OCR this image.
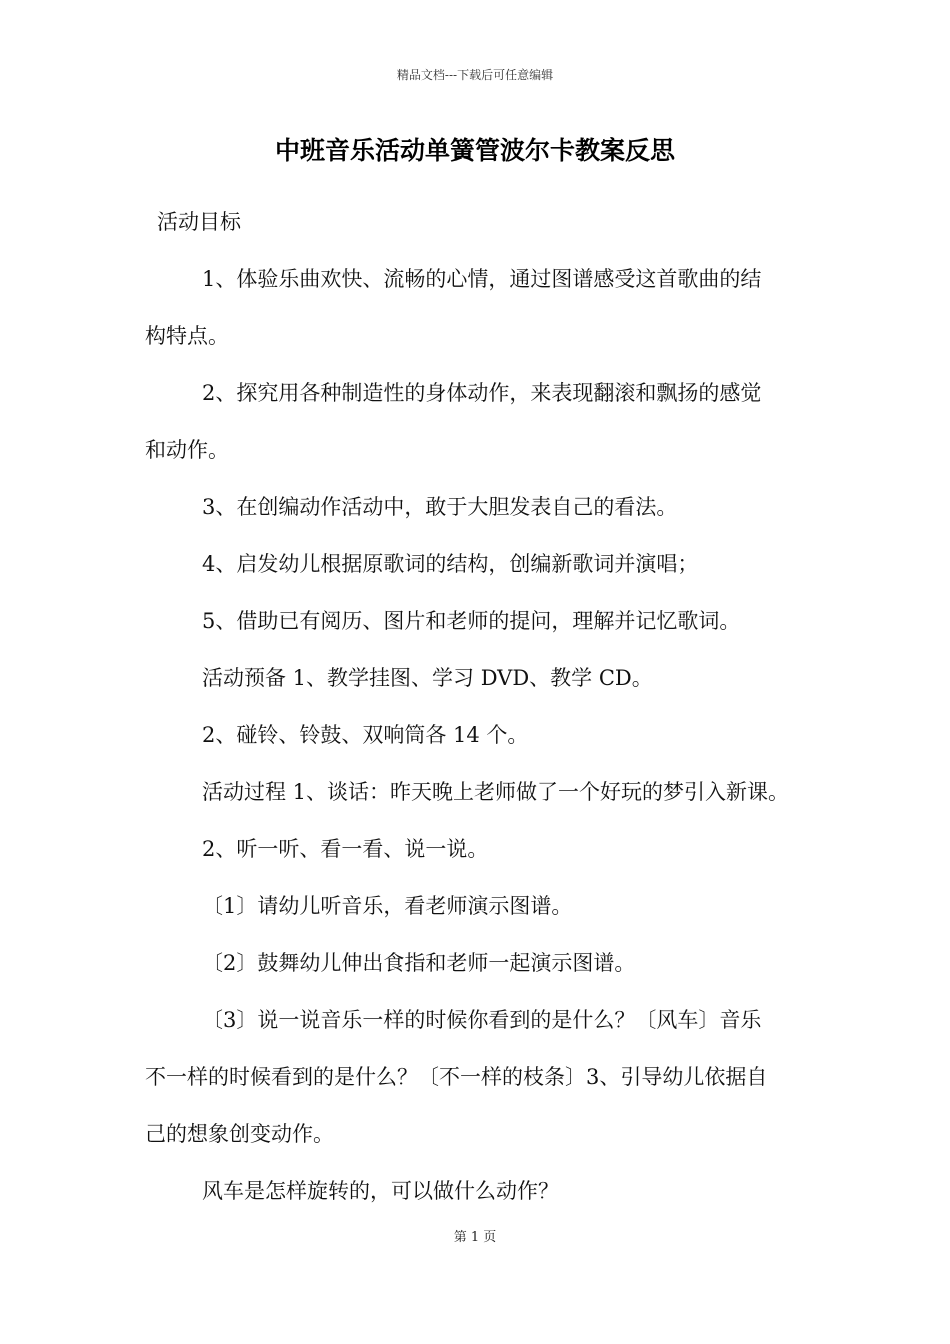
精品文档---下载后可任意编辑
中班音乐活动单簧管波尔卡教案反思
活动目标
1、体验乐曲欢快、流畅的心情，通过图谱感受这首歌曲的结
构特点。
2、探究用各种制造性的身体动作，来表现翻滚和飘扬的感觉
和动作。
3、在创编动作活动中，敢于大胆发表自己的看法。
4、启发幼儿根据原歌词的结构，创编新歌词并演唱；
5、借助已有阅历、图片和老师的提问，理解并记忆歌词。
活动预备 1、教学挂图、学习 DVD、教学 CD。
2、碰铃、铃鼓、双响筒各 14 个。
活动过程 1、谈话：昨天晚上老师做了一个好玩的梦引入新课。
2、听一听、看一看、说一说。
〔1〕请幼儿听音乐，看老师演示图谱。
〔2〕鼓舞幼儿伸出食指和老师一起演示图谱。
〔3〕说一说音乐一样的时候你看到的是什么？〔风车〕音乐
不一样的时候看到的是什么？〔不一样的枝条〕3、引导幼儿依据自
己的想象创变动作。
风车是怎样旋转的，可以做什么动作？
第 1 页
